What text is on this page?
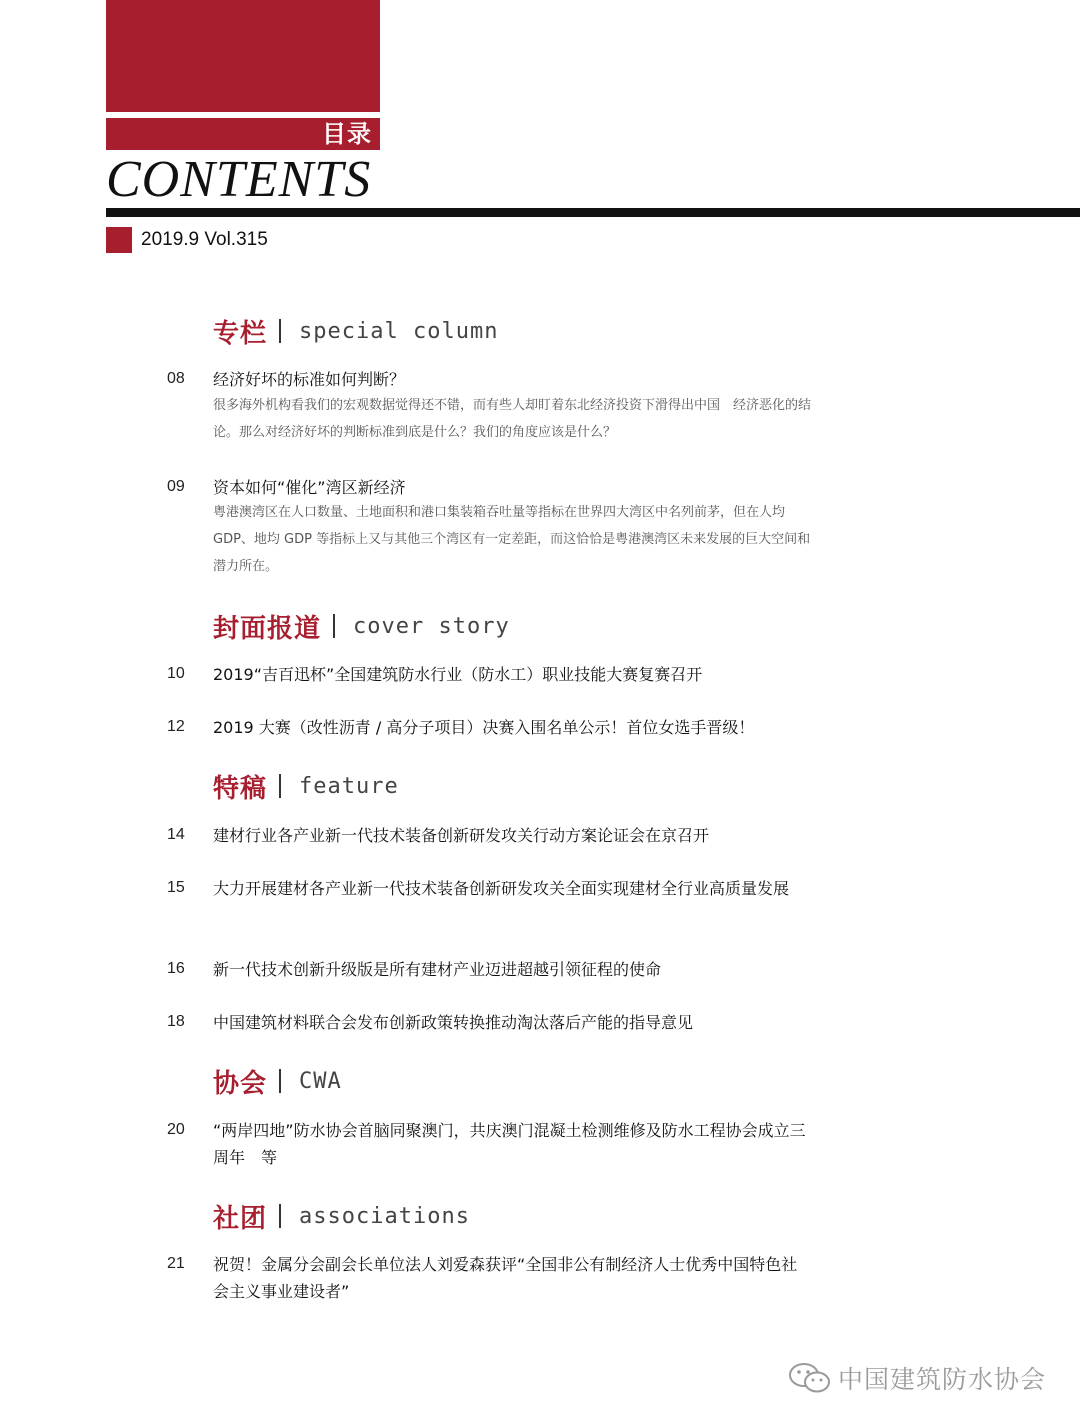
目录
CONTENTS
2019.9 Vol.315
专栏 special column
08	经济好坏的标准如何判断？
很多海外机构看我们的宏观数据觉得还不错，而有些人却盯着东北经济投资下滑得出中国　经济恶化的结论。那么对经济好坏的判断标准到底是什么？我们的角度应该是什么？
09	资本如何“催化”湾区新经济
粤港澳湾区在人口数量、土地面积和港口集装箱吞吐量等指标在世界四大湾区中名列前茅，但在人均 GDP、地均 GDP 等指标上又与其他三个湾区有一定差距，而这恰恰是粤港澳湾区未来发展的巨大空间和潜力所在。
封面报道 cover story
10	2019“吉百迅杯”全国建筑防水行业（防水工）职业技能大赛复赛召开
12	2019 大赛（改性沥青 / 高分子项目）决赛入围名单公示！首位女选手晋级！
特稿 feature
14	建材行业各产业新一代技术装备创新研发攻关行动方案论证会在京召开
15	大力开展建材各产业新一代技术装备创新研发攻关全面实现建材全行业高质量发展
16	新一代技术创新升级版是所有建材产业迈进超越引领征程的使命
18	中国建筑材料联合会发布创新政策转换推动淘汰落后产能的指导意见
协会 CWA
20	“两岸四地”防水协会首脑同聚澳门，共庆澳门混凝土检测维修及防水工程协会成立三周年　等
社团 associations
21	祝贺！金属分会副会长单位法人刘爱森获评“全国非公有制经济人士优秀中国特色社会主义事业建设者”
中国建筑防水协会
